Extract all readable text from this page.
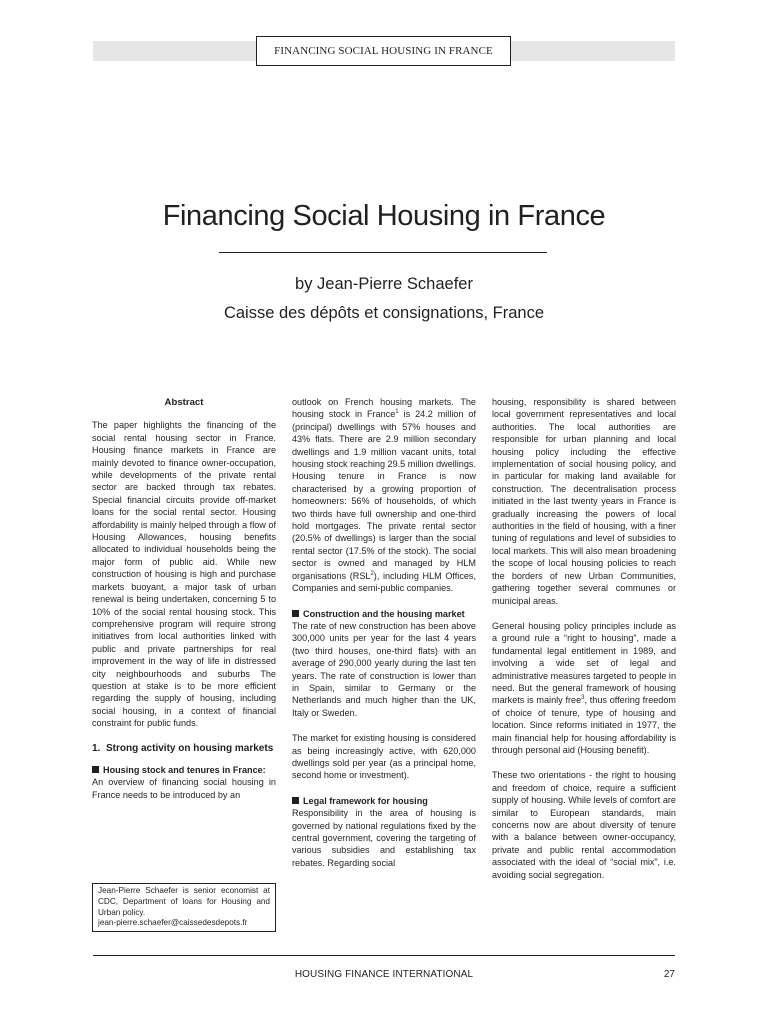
FINANCING SOCIAL HOUSING IN FRANCE
Financing Social Housing in France
by Jean-Pierre Schaefer
Caisse des dépôts et consignations, France
Abstract

The paper highlights the financing of the social rental housing sector in France. Housing finance markets in France are mainly devoted to finance owner-occupation, while developments of the private rental sector are backed through tax rebates. Special financial circuits provide off-market loans for the social rental sector. Housing affordability is mainly helped through a flow of Housing Allowances, housing benefits allocated to individual households being the major form of public aid. While new construction of housing is high and purchase markets buoyant, a major task of urban renewal is being undertaken, concerning 5 to 10% of the social rental housing stock. This comprehensive program will require strong initiatives from local authorities linked with public and private partnerships for real improvement in the way of life in distressed city neighbourhoods and suburbs The question at stake is to be more efficient regarding the supply of housing, including social housing, in a context of financial constraint for public funds.

1. Strong activity on housing markets

Housing stock and tenures in France:
An overview of financing social housing in France needs to be introduced by an

Jean-Pierre Schaefer is senior economist at CDC, Department of loans for Housing and Urban policy.

jean-pierre.schaefer@caissedesdepots.fr

outlook on French housing markets. The housing stock in France$^1$ is 24.2 million of (principal) dwellings with 57% houses and 43% flats. There are 2.9 million secondary dwellings and 1.9 million vacant units, total housing stock reaching 29.5 million dwellings. Housing tenure in France is now characterised by a growing proportion of homeowners: 56% of households, of which two thirds have full ownership and one-third hold mortgages. The private rental sector (20.5% of dwellings) is larger than the social rental sector (17.5% of the stock). The social sector is owned and managed by HLM organisations (RSL$^2$), including HLM Offices, Companies and semi-public companies.

Construction and the housing market
The rate of new construction has been above 300,000 units per year for the last 4 years (two third houses, one-third flats) with an average of 290,000 yearly during the last ten years. The rate of construction is lower than in Spain, similar to Germany or the Netherlands and much higher than the UK, Italy or Sweden.

The market for existing housing is considered as being increasingly active, with 620,000 dwellings sold per year (as a principal home, second home or investment).

Legal framework for housing
Responsibility in the area of housing is governed by national regulations fixed by the central government, covering the targeting of various subsidies and establishing tax rebates. Regarding social

housing, responsibility is shared between local government representatives and local authorities. The local authorities are responsible for urban planning and local housing policy including the effective implementation of social housing policy, and in particular for making land available for construction. The decentralisation process initiated in the last twenty years in France is gradually increasing the powers of local authorities in the field of housing, with a finer tuning of regulations and level of subsidies to local markets. This will also mean broadening the scope of local housing policies to reach the borders of new Urban Communities, gathering together several communes or municipal areas.

General housing policy principles include as a ground rule a “right to housing”, made a fundamental legal entitlement in 1989, and involving a wide set of legal and administrative measures targeted to people in need. But the general framework of housing markets is mainly free$^3$, thus offering freedom of choice of tenure, type of housing and location. Since reforms initiated in 1977, the main financial help for housing affordability is through personal aid (Housing benefit).

These two orientations - the right to housing and freedom of choice, require a sufficient supply of housing. While levels of comfort are similar to European standards, main concerns now are about diversity of tenure with a balance between owner-occupancy, private and public rental accommodation associated with the ideal of “social mix”, i.e. avoiding social segregation.

HOUSING FINANCE INTERNATIONAL	27
